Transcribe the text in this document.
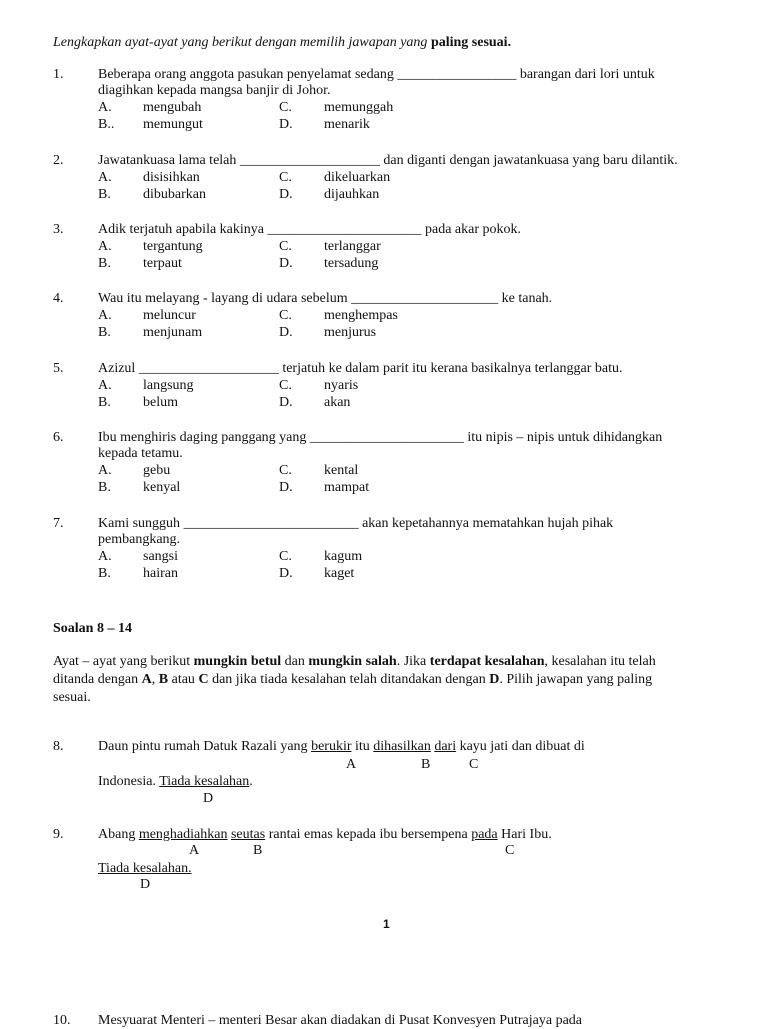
Lengkapkan ayat-ayat yang berikut dengan memilih jawapan yang paling sesuai.
1. Beberapa orang anggota pasukan penyelamat sedang _________________ barangan dari lori untuk
diagihkan kepada mangsa banjir di Johor.
A. mengubah
B.. memungut
C. memunggah
D. menarik
2. Jawatankuasa lama telah ____________________ dan diganti dengan jawatankuasa yang baru dilantik.
A. disisihkan
B. dibubarkan
C. dikeluarkan
D. dijauhkan
3. Adik terjatuh apabila kakinya ______________________ pada akar pokok.
A. tergantung
B. terpaut
C. terlanggar
D. tersadung
4. Wau itu melayang - layang di udara sebelum _____________________ ke tanah.
A. meluncur
B. menjunam
C. menghempas
D. menjurus
5. Azizul ____________________ terjatuh ke dalam parit itu kerana basikalnya terlanggar batu.
A. langsung
B. belum
C. nyaris
D. akan
6. Ibu menghiris daging panggang yang ______________________ itu nipis – nipis untuk dihidangkan
kepada tetamu.
A. gebu
B. kenyal
C. kental
D. mampat
7. Kami sungguh _________________________ akan kepetahannya mematahkan hujah pihak
pembangkang.
A. sangsi
B. hairan
C. kagum
D. kaget
Soalan 8 – 14
Ayat – ayat yang berikut mungkin betul dan mungkin salah. Jika terdapat kesalahan, kesalahan itu telah
ditanda dengan A, B atau C dan jika tiada kesalahan telah ditandakan dengan D. Pilih jawapan yang paling
sesuai.
8. Daun pintu rumah Datuk Razali yang berukir itu dihasilkan dari kayu jati dan dibuat di
A	B	C
Indonesia. Tiada kesalahan.
D
9. Abang menghadiahkan seutas rantai emas kepada ibu bersempena pada Hari Ibu.
A	B	C
Tiada kesalahan.
D
1
10. Mesyuarat Menteri – menteri Besar akan diadakan di Pusat Konvesyen Putrajaya pada
